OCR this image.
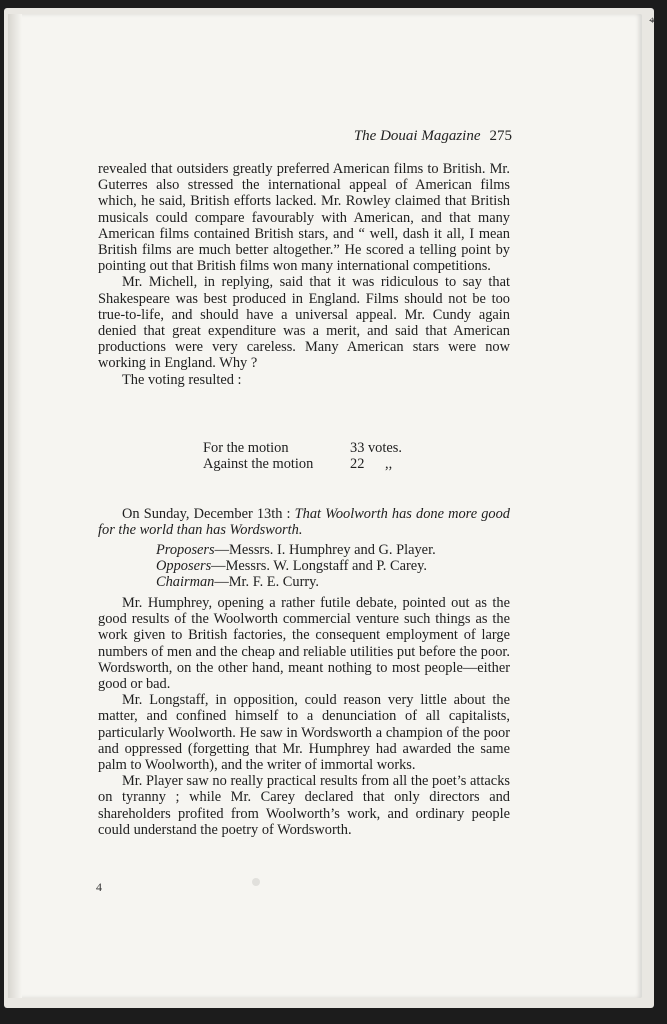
⌖
The Douai Magazine 275

revealed that outsiders greatly preferred American films to British. Mr. Guterres also stressed the international appeal of American films which, he said, British efforts lacked. Mr. Rowley claimed that British musicals could compare favourably with American, and that many American films contained British stars, and “ well, dash it all, I mean British films are much better altogether.” He scored a telling point by pointing out that British films won many international competitions.

Mr. Michell, in replying, said that it was ridiculous to say that Shakespeare was best produced in England. Films should not be too true-to-life, and should have a universal appeal. Mr. Cundy again denied that great expenditure was a merit, and said that American productions were very careless. Many American stars were now working in England. Why ?

The voting resulted :

For the motion	33 votes.
Against the motion	22 ,,

On Sunday, December 13th : That Woolworth has done more good for the world than has Wordsworth.

Proposers—Messrs. I. Humphrey and G. Player.
Opposers—Messrs. W. Longstaff and P. Carey.
Chairman—Mr. F. E. Curry.

Mr. Humphrey, opening a rather futile debate, pointed out as the good results of the Woolworth commercial venture such things as the work given to British factories, the consequent employment of large numbers of men and the cheap and reliable utilities put before the poor. Wordsworth, on the other hand, meant nothing to most people—either good or bad.

Mr. Longstaff, in opposition, could reason very little about the matter, and confined himself to a denunciation of all capitalists, particularly Woolworth. He saw in Wordsworth a champion of the poor and oppressed (forgetting that Mr. Humphrey had awarded the same palm to Woolworth), and the writer of immortal works.

Mr. Player saw no really practical results from all the poet’s attacks on tyranny ; while Mr. Carey declared that only directors and shareholders profited from Woolworth’s work, and ordinary people could understand the poetry of Wordsworth.

4
